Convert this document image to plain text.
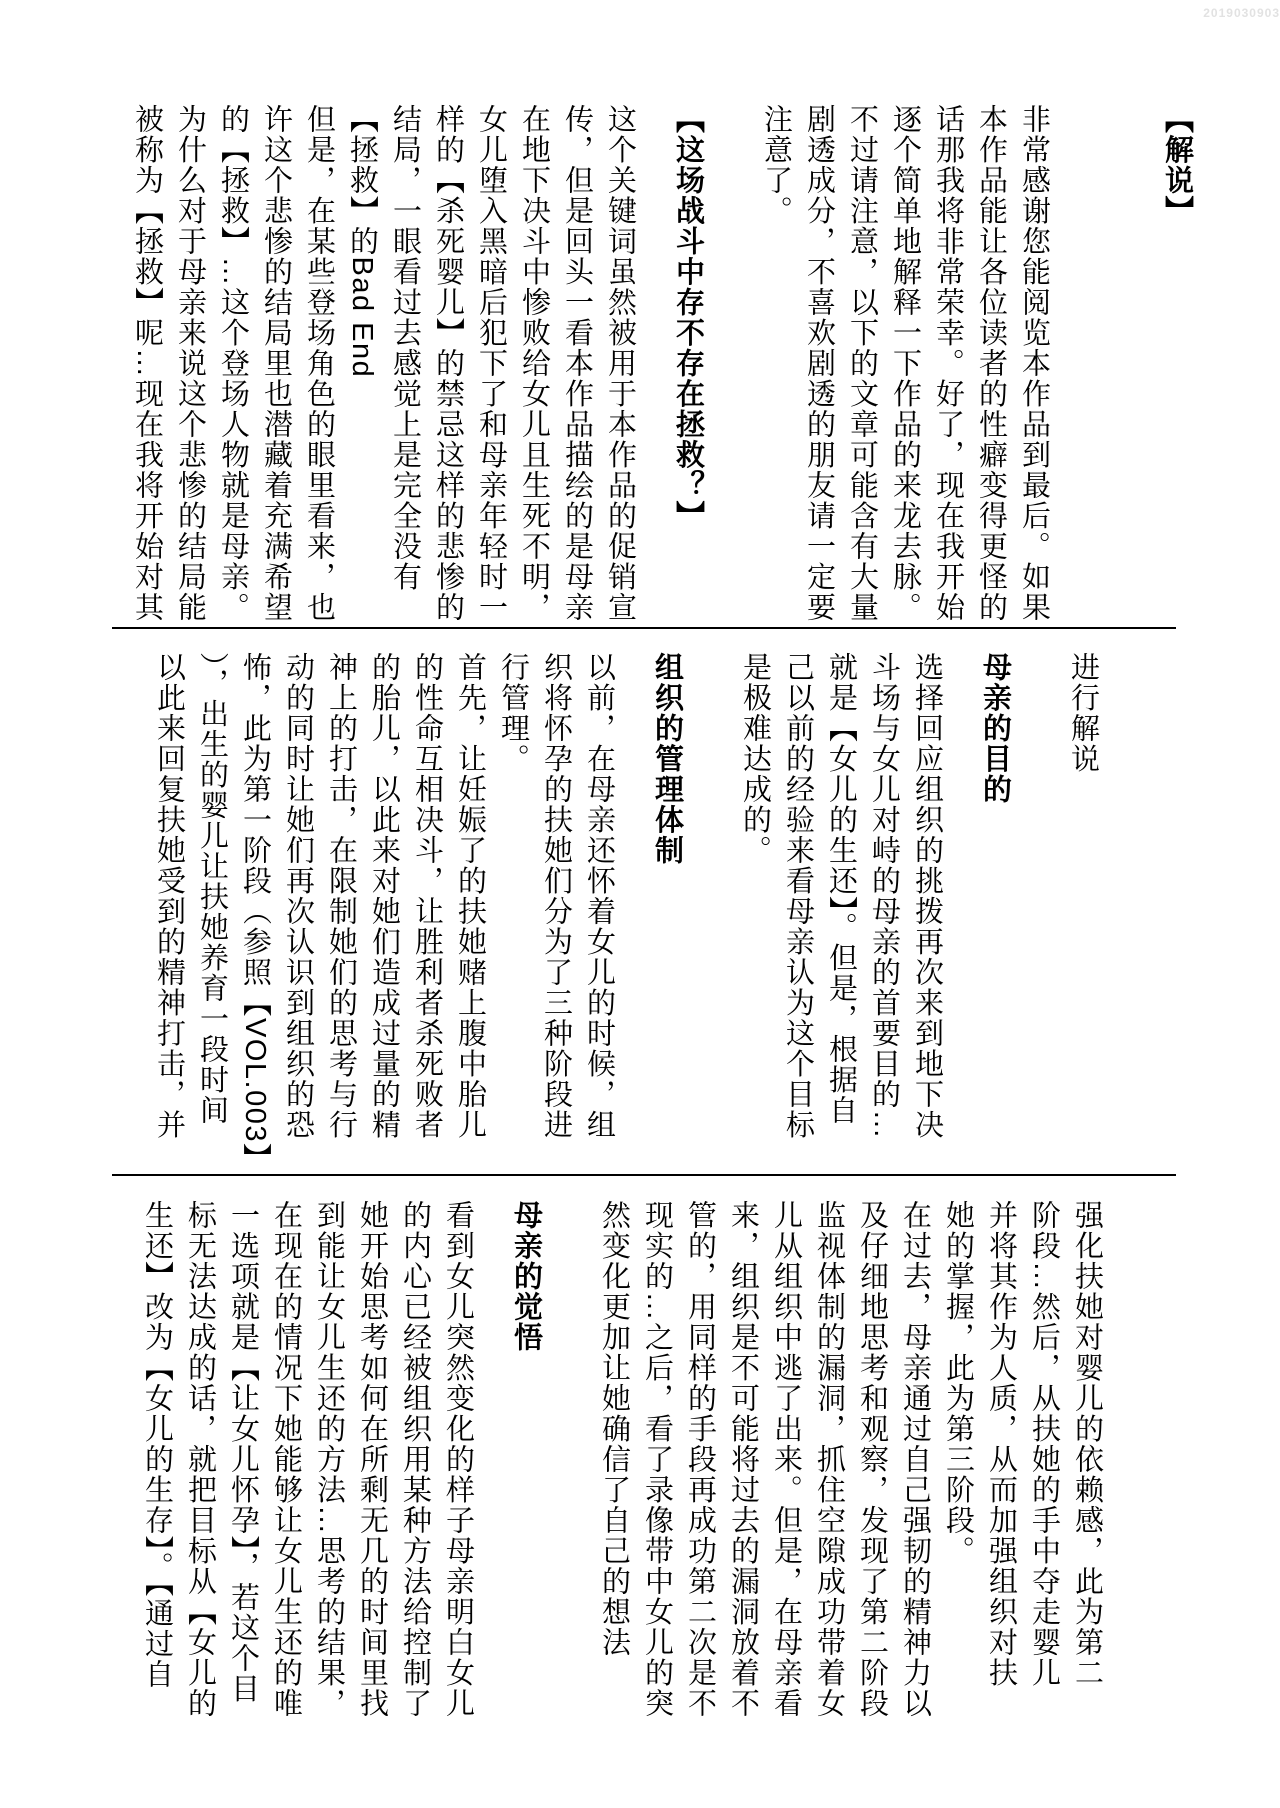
2019030903
【解说】
非常感谢您能阅览本作品到最后。如果
本作品能让各位读者的性癖变得更怪的
话那我将非常荣幸。好了，现在我开始
逐个简单地解释一下作品的来龙去脉。
不过请注意，以下的文章可能含有大量
剧透成分，不喜欢剧透的朋友请一定要
注意了。
【这场战斗中存不存在拯救？】
这个关键词虽然被用于本作品的促销宣
传，但是回头一看本作品描绘的是母亲
在地下决斗中惨败给女儿且生死不明，
女儿堕入黑暗后犯下了和母亲年轻时一
样的【杀死婴儿】的禁忌这样的悲惨的
结局，一眼看过去感觉上是完全没有
【拯救】的Bad End
但是，在某些登场角色的眼里看来，也
许这个悲惨的结局里也潜藏着充满希望
的【拯救】…这个登场人物就是母亲。
为什么对于母亲来说这个悲惨的结局能
被称为【拯救】呢…现在我将开始对其
进行解说
母亲的目的
选择回应组织的挑拨再次来到地下决
斗场与女儿对峙的母亲的首要目的…
就是【女儿的生还】。但是，根据自
己以前的经验来看母亲认为这个目标
是极难达成的。
组织的管理体制
以前，在母亲还怀着女儿的时候，组
织将怀孕的扶她们分为了三种阶段进
行管理。
首先，让妊娠了的扶她赌上腹中胎儿
的性命互相决斗，让胜利者杀死败者
的胎儿，以此来对她们造成过量的精
神上的打击，在限制她们的思考与行
动的同时让她们再次认识到组织的恐
怖，此为第一阶段（参照【VOL.003】
），出生的婴儿让扶她养育一段时间
以此来回复扶她受到的精神打击，并
强化扶她对婴儿的依赖感，此为第二
阶段…然后，从扶她的手中夺走婴儿
并将其作为人质，从而加强组织对扶
她的掌握，此为第三阶段。
在过去，母亲通过自己强韧的精神力以
及仔细地思考和观察，发现了第二阶段
监视体制的漏洞，抓住空隙成功带着女
儿从组织中逃了出来。但是，在母亲看
来，组织是不可能将过去的漏洞放着不
管的，用同样的手段再成功第二次是不
现实的…之后，看了录像带中女儿的突
然变化更加让她确信了自己的想法
母亲的觉悟
看到女儿突然变化的样子母亲明白女儿
的内心已经被组织用某种方法给控制了
她开始思考如何在所剩无几的时间里找
到能让女儿生还的方法…思考的结果，
在现在的情况下她能够让女儿生还的唯
一选项就是【让女儿怀孕】，若这个目
标无法达成的话，就把目标从【女儿的
生还】改为【女儿的生存】。【通过自
